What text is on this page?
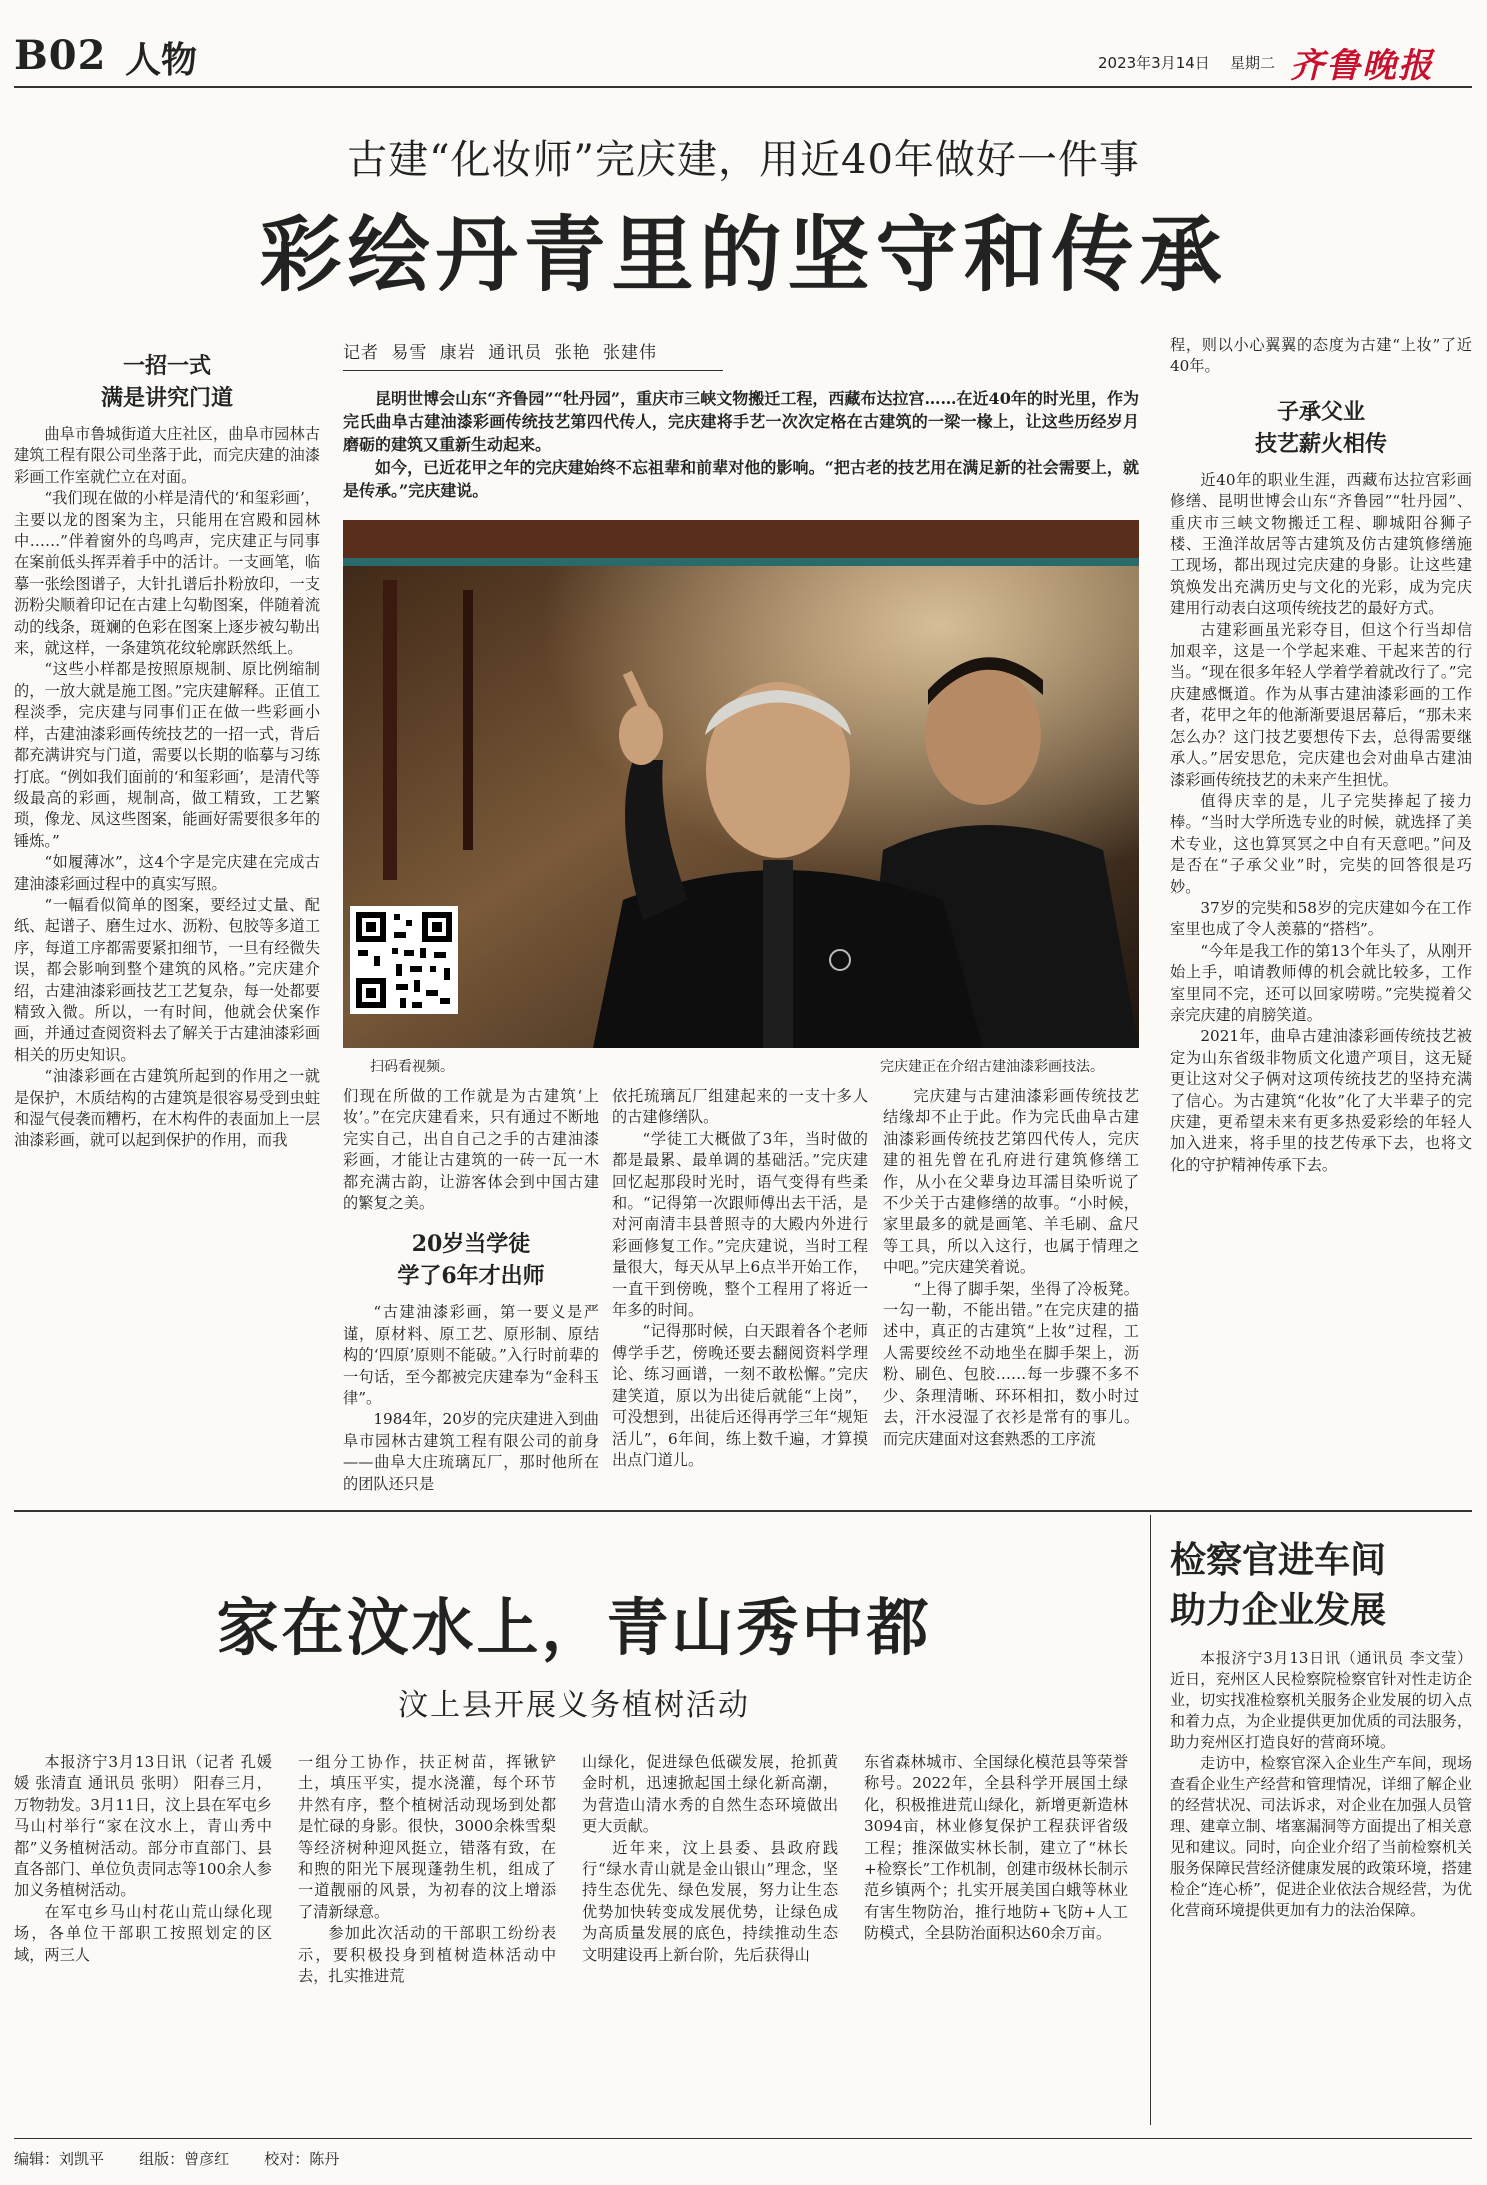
B02 人物	2023年3月14日 星期二 齐鲁晚报
古建“化妆师”完庆建，用近40年做好一件事
彩绘丹青里的坚守和传承
记者 易雪 康岩 通讯员 张艳 张建伟

昆明世博会山东“齐鲁园”“牡丹园”，重庆市三峡文物搬迁工程，西藏布达拉宫……在近40年的时光里，作为完氏曲阜古建油漆彩画传统技艺第四代传人，完庆建将手艺一次次定格在古建筑的一梁一椽上，让这些历经岁月磨砺的建筑又重新生动起来。

如今，已近花甲之年的完庆建始终不忘祖辈和前辈对他的影响。“把古老的技艺用在满足新的社会需要上，就是传承。”完庆建说。

扫码看视频。	完庆建正在介绍古建油漆彩画技法。
一招一式
满是讲究门道

曲阜市鲁城街道大庄社区，曲阜市园林古建筑工程有限公司坐落于此，而完庆建的油漆彩画工作室就伫立在对面。

“我们现在做的小样是清代的‘和玺彩画’，主要以龙的图案为主，只能用在宫殿和园林中……”伴着窗外的鸟鸣声，完庆建正与同事在案前低头挥弄着手中的活计。一支画笔，临摹一张绘图谱子，大针扎谱后扑粉放印，一支沥粉尖顺着印记在古建上勾勒图案，伴随着流动的线条，斑斓的色彩在图案上逐步被勾勒出来，就这样，一条建筑花纹轮廓跃然纸上。

“这些小样都是按照原规制、原比例缩制的，一放大就是施工图。”完庆建解释。正值工程淡季，完庆建与同事们正在做一些彩画小样，古建油漆彩画传统技艺的一招一式，背后都充满讲究与门道，需要以长期的临摹与习练打底。“例如我们面前的‘和玺彩画’，是清代等级最高的彩画，规制高，做工精致，工艺繁琐，像龙、凤这些图案，能画好需要很多年的锤炼。”

“如履薄冰”，这4个字是完庆建在完成古建油漆彩画过程中的真实写照。

“一幅看似简单的图案，要经过丈量、配纸、起谱子、磨生过水、沥粉、包胶等多道工序，每道工序都需要紧扣细节，一旦有经微失误，都会影响到整个建筑的风格。”完庆建介绍，古建油漆彩画技艺工艺复杂，每一处都要精致入微。所以，一有时间，他就会伏案作画，并通过查阅资料去了解关于古建油漆彩画相关的历史知识。

“油漆彩画在古建筑所起到的作用之一就是保护，木质结构的古建筑是很容易受到虫蛀和湿气侵袭而糟朽，在木构件的表面加上一层油漆彩画，就可以起到保护的作用，而我

们现在所做的工作就是为古建筑‘上妆’。”在完庆建看来，只有通过不断地完实自己，出自自己之手的古建油漆彩画，才能让古建筑的一砖一瓦一木都充满古韵，让游客体会到中国古建的繁复之美。

20岁当学徒
学了6年才出师

“古建油漆彩画，第一要义是严谨，原材料、原工艺、原形制、原结构的‘四原’原则不能破。”入行时前辈的一句话，至今都被完庆建奉为“金科玉律”。

1984年，20岁的完庆建进入到曲阜市园林古建筑工程有限公司的前身——曲阜大庄琉璃瓦厂，那时他所在的团队还只是

依托琉璃瓦厂组建起来的一支十多人的古建修缮队。

“学徒工大概做了3年，当时做的都是最累、最单调的基础活。”完庆建回忆起那段时光时，语气变得有些柔和。“记得第一次跟师傅出去干活，是对河南清丰县普照寺的大殿内外进行彩画修复工作。”完庆建说，当时工程量很大，每天从早上6点半开始工作，一直干到傍晚，整个工程用了将近一年多的时间。

“记得那时候，白天跟着各个老师傅学手艺，傍晚还要去翻阅资料学理论、练习画谱，一刻不敢松懈。”完庆建笑道，原以为出徒后就能“上岗”，可没想到，出徒后还得再学三年“规矩活儿”，6年间，练上数千遍，才算摸出点门道儿。

完庆建与古建油漆彩画传统技艺结缘却不止于此。作为完氏曲阜古建油漆彩画传统技艺第四代传人，完庆建的祖先曾在孔府进行建筑修缮工作，从小在父辈身边耳濡目染听说了不少关于古建修缮的故事。“小时候，家里最多的就是画笔、羊毛刷、盒尺等工具，所以入这行，也属于情理之中吧。”完庆建笑着说。

“上得了脚手架，坐得了冷板凳。一勾一勒，不能出错。”在完庆建的描述中，真正的古建筑“上妆”过程，工人需要绞丝不动地坐在脚手架上，沥粉、刷色、包胶……每一步骤不多不少、条理清晰、环环相扣，数小时过去，汗水浸湿了衣衫是常有的事儿。而完庆建面对这套熟悉的工序流

程，则以小心翼翼的态度为古建“上妆”了近40年。

子承父业
技艺薪火相传

近40年的职业生涯，西藏布达拉宫彩画修缮、昆明世博会山东“齐鲁园”“牡丹园”、重庆市三峡文物搬迁工程、聊城阳谷狮子楼、王渔洋故居等古建筑及仿古建筑修缮施工现场，都出现过完庆建的身影。让这些建筑焕发出充满历史与文化的光彩，成为完庆建用行动表白这项传统技艺的最好方式。

古建彩画虽光彩夺目，但这个行当却信加艰辛，这是一个学起来难、干起来苦的行当。“现在很多年轻人学着学着就改行了。”完庆建感慨道。作为从事古建油漆彩画的工作者，花甲之年的他渐渐要退居幕后，“那未来怎么办？这门技艺要想传下去，总得需要继承人。”居安思危，完庆建也会对曲阜古建油漆彩画传统技艺的未来产生担忧。

值得庆幸的是，儿子完奘捧起了接力棒。“当时大学所选专业的时候，就选择了美术专业，这也算冥冥之中自有天意吧。”问及是否在“子承父业”时，完奘的回答很是巧妙。

37岁的完奘和58岁的完庆建如今在工作室里也成了令人羡慕的“搭档”。

“今年是我工作的第13个年头了，从刚开始上手，咱请教师傅的机会就比较多，工作室里同不完，还可以回家唠唠。”完奘搅着父亲完庆建的肩膀笑道。

2021年，曲阜古建油漆彩画传统技艺被定为山东省级非物质文化遗产项目，这无疑更让这对父子俩对这项传统技艺的坚持充满了信心。为古建筑“化妆”化了大半辈子的完庆建，更希望未来有更多热爱彩绘的年轻人加入进来，将手里的技艺传承下去，也将文化的守护精神传承下去。

家在汶水上，青山秀中都
汶上县开展义务植树活动

本报济宁3月13日讯（记者 孔媛媛 张清直 通讯员 张明） 阳春三月，万物勃发。3月11日，汶上县在军屯乡马山村举行“家在汶水上，青山秀中都”义务植树活动。部分市直部门、县直各部门、单位负责同志等100余人参加义务植树活动。

在军屯乡马山村花山荒山绿化现场，各单位干部职工按照划定的区域，两三人

一组分工协作，扶正树苗，挥锹铲土，填压平实，提水浇灌，每个环节井然有序，整个植树活动现场到处都是忙碌的身影。很快，3000余株雪梨等经济树种迎风挺立，错落有致，在和煦的阳光下展现蓬勃生机，组成了一道靓丽的风景，为初春的汶上增添了清新绿意。

参加此次活动的干部职工纷纷表示，要积极投身到植树造林活动中去，扎实推进荒

山绿化，促进绿色低碳发展，抢抓黄金时机，迅速掀起国土绿化新高潮，为营造山清水秀的自然生态环境做出更大贡献。

近年来，汶上县委、县政府践行“绿水青山就是金山银山”理念，坚持生态优先、绿色发展，努力让生态优势加快转变成发展优势，让绿色成为高质量发展的底色，持续推动生态文明建设再上新台阶，先后获得山

东省森林城市、全国绿化模范县等荣誉称号。2022年，全县科学开展国土绿化，积极推进荒山绿化，新增更新造林3094亩，林业修复保护工程获评省级工程；推深做实林长制，建立了“林长+检察长”工作机制，创建市级林长制示范乡镇两个；扎实开展美国白蛾等林业有害生物防治，推行地防+飞防+人工防模式，全县防治面积达60余万亩。

检察官进车间
助力企业发展

本报济宁3月13日讯（通讯员 李文莹） 近日，兖州区人民检察院检察官针对性走访企业，切实找准检察机关服务企业发展的切入点和着力点，为企业提供更加优质的司法服务，助力兖州区打造良好的营商环境。

走访中，检察官深入企业生产车间，现场查看企业生产经营和管理情况，详细了解企业的经营状况、司法诉求，对企业在加强人员管理、建章立制、堵塞漏洞等方面提出了相关意见和建议。同时，向企业介绍了当前检察机关服务保障民营经济健康发展的政策环境，搭建检企“连心桥”，促进企业依法合规经营，为优化营商环境提供更加有力的法治保障。

编辑：刘凯平 组版：曾彦红 校对：陈丹
